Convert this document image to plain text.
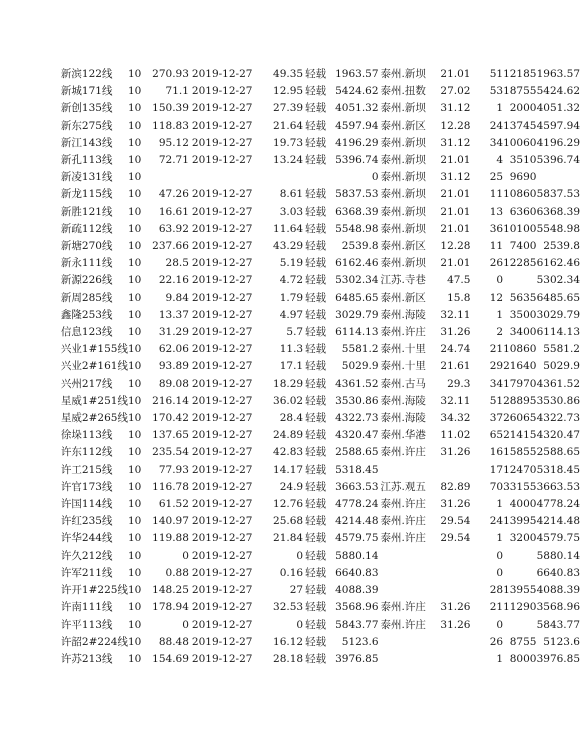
	新滨122线	10	270.93	2019-12-27	49.35	轻载	1963.57	泰州.新坝	21.01	51	12185	1963.57
	新城171线	10	71.1	2019-12-27	12.95	轻载	5424.62	泰州.扭数	27.02	53	18755	5424.62
	新创135线	10	150.39	2019-12-27	27.39	轻载	4051.32	泰州.新坝	31.12	1	2000	4051.32
	新东275线	10	118.83	2019-12-27	21.64	轻载	4597.94	泰州.新区	12.28	24	13745	4597.94
	新江143线	10	95.12	2019-12-27	19.73	轻载	4196.29	泰州.新坝	31.12	34	10060	4196.29
	新孔113线	10	72.71	2019-12-27	13.24	轻载	5396.74	泰州.新坝	21.01	4	3510	5396.74
	新凌131线	10					0	泰州.新坝	31.12	25	9690	
	新龙115线	10	47.26	2019-12-27	8.61	轻载	5837.53	泰州.新坝	21.01	11	10860	5837.53
	新胜121线	10	16.61	2019-12-27	3.03	轻载	6368.39	泰州.新坝	21.01	13	6360	6368.39
	新疏112线	10	63.92	2019-12-27	11.64	轻载	5548.98	泰州.新坝	21.01	36	10100	5548.98
	新塘270线	10	237.66	2019-12-27	43.29	轻载	2539.8	泰州.新区	12.28	11	7400	2539.8
	新永111线	10	28.5	2019-12-27	5.19	轻载	6162.46	泰州.新坝	21.01	26	12285	6162.46
	新源226线	10	22.16	2019-12-27	4.72	轻载	5302.34	江苏.寺巷	47.5	0		5302.34
	新周285线	10	9.84	2019-12-27	1.79	轻载	6485.65	泰州.新区	15.8	12	5635	6485.65
	鑫隆253线	10	13.37	2019-12-27	4.97	轻载	3029.79	泰州.海陵	32.11	1	3500	3029.79
	信息123线	10	31.29	2019-12-27	5.7	轻载	6114.13	泰州.许庄	31.26	2	3400	6114.13
	兴业1#155线	10	62.06	2019-12-27	11.3	轻载	5581.2	泰州.十里	24.74	21	10860	5581.2
	兴业2#161线	10	93.89	2019-12-27	17.1	轻载	5029.9	泰州.十里	21.61	29	21640	5029.9
	兴州217线	10	89.08	2019-12-27	18.29	轻载	4361.52	泰州.古马	29.3	34	17970	4361.52
	星威1#251线	10	216.14	2019-12-27	36.02	轻载	3530.86	泰州.海陵	32.11	51	28895	3530.86
	星威2#265线	10	170.42	2019-12-27	28.4	轻载	4322.73	泰州.海陵	34.32	37	26065	4322.73
	徐垛113线	10	137.65	2019-12-27	24.89	轻载	4320.47	泰州.华港	11.02	65	21415	4320.47
	许东112线	10	235.54	2019-12-27	42.83	轻载	2588.65	泰州.许庄	31.26	16	15855	2588.65
	许工215线	10	77.93	2019-12-27	14.17	轻载	5318.45			17	12470	5318.45
	许官173线	10	116.78	2019-12-27	24.9	轻载	3663.53	江苏.观五	82.89	70	33155	3663.53
	许国114线	10	61.52	2019-12-27	12.76	轻载	4778.24	泰州.许庄	31.26	1	4000	4778.24
	许红235线	10	140.97	2019-12-27	25.68	轻载	4214.48	泰州.许庄	29.54	24	13995	4214.48
	许华244线	10	119.88	2019-12-27	21.84	轻载	4579.75	泰州.许庄	29.54	1	3200	4579.75
	许久212线	10	0	2019-12-27	0	轻载	5880.14			0		5880.14
	许军211线	10	0.88	2019-12-27	0.16	轻载	6640.83			0		6640.83
	许开1#225线	10	148.25	2019-12-27	27	轻载	4088.39			28	13955	4088.39
	许南111线	10	178.94	2019-12-27	32.53	轻载	3568.96	泰州.许庄	31.26	21	11290	3568.96
	许平113线	10	0	2019-12-27	0	轻载	5843.77	泰州.许庄	31.26	0		5843.77
	许韶2#224线	10	88.48	2019-12-27	16.12	轻载	5123.6			26	8755	5123.6
	许苏213线	10	154.69	2019-12-27	28.18	轻载	3976.85			1	8000	3976.85
